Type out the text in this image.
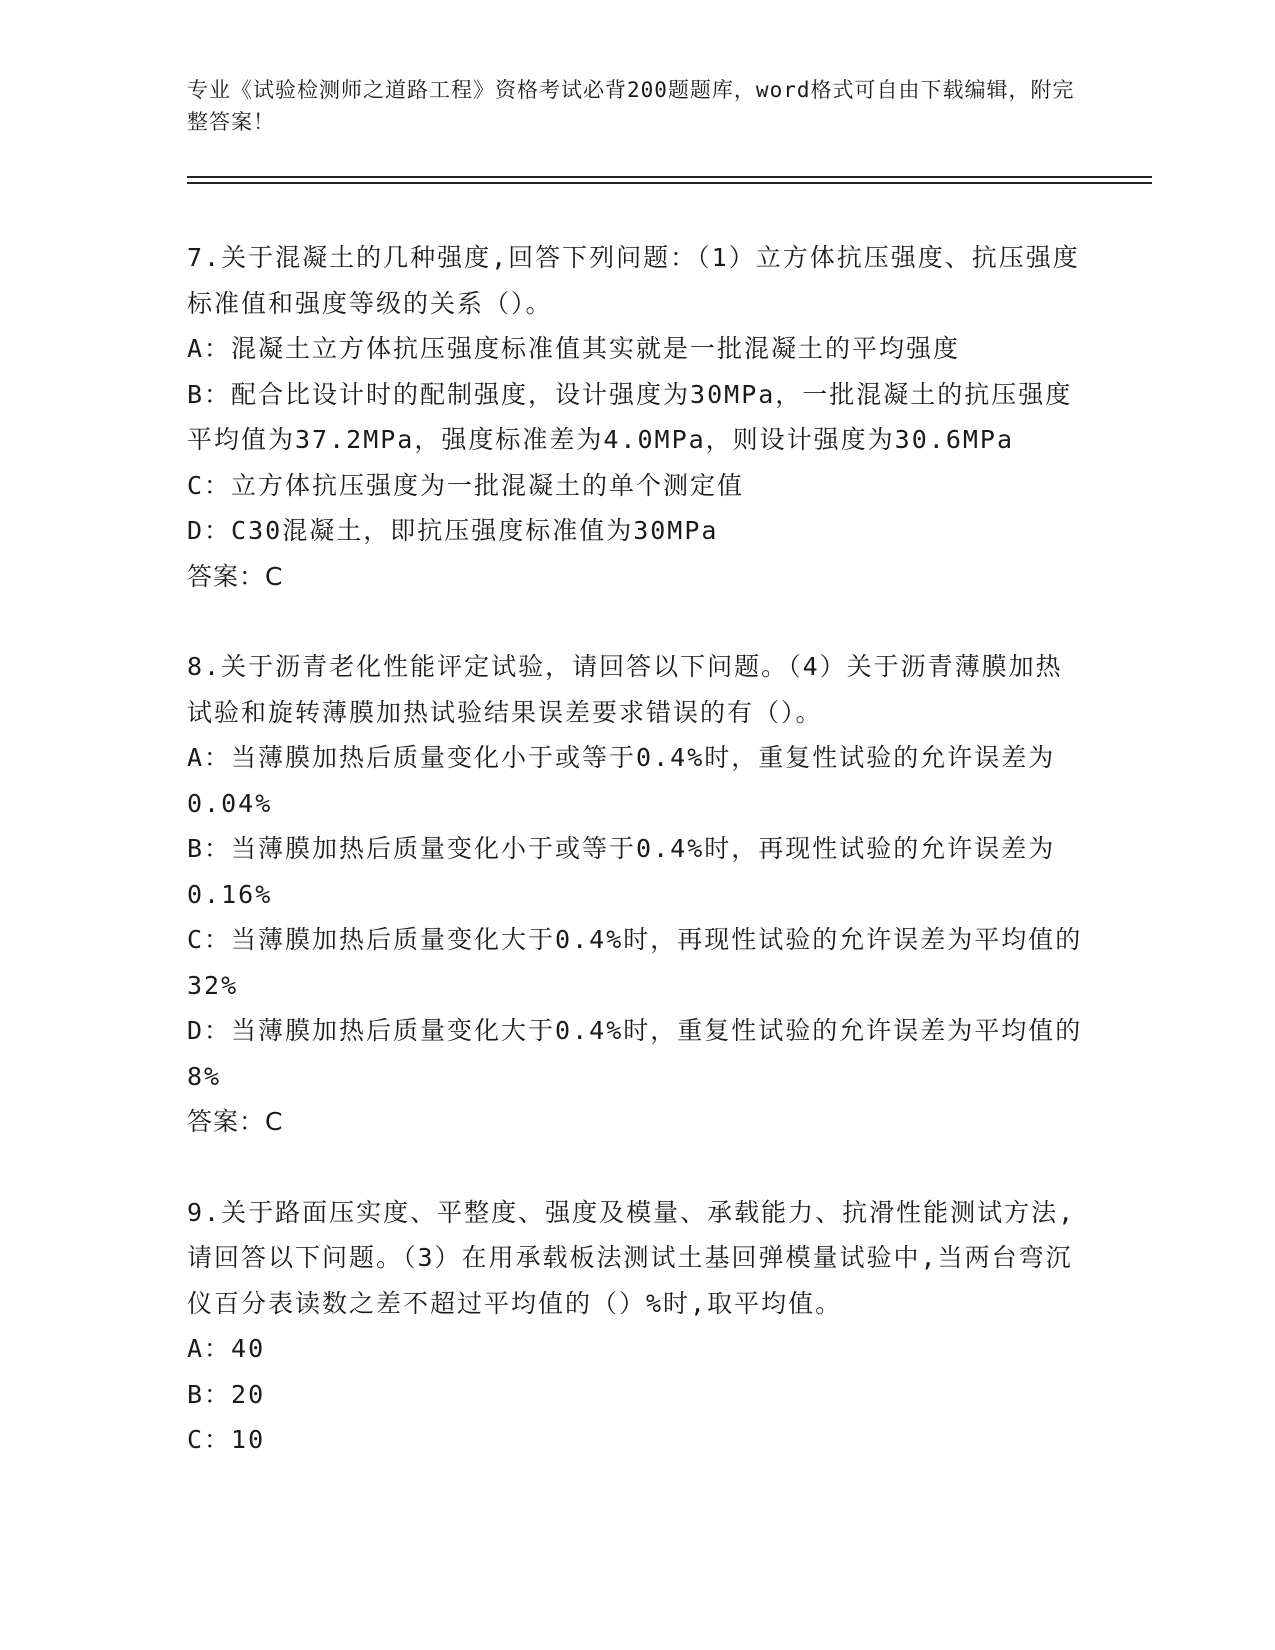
专业《试验检测师之道路工程》资格考试必背200题题库，word格式可自由下载编辑，附完整答案！

7.关于混凝土的几种强度,回答下列问题：（1）立方体抗压强度、抗压强度标准值和强度等级的关系（）。

A：混凝土立方体抗压强度标准值其实就是一批混凝土的平均强度

B：配合比设计时的配制强度，设计强度为30MPa，一批混凝土的抗压强度平均值为37.2MPa，强度标准差为4.0MPa，则设计强度为30.6MPa

C：立方体抗压强度为一批混凝土的单个测定值

D：C30混凝土，即抗压强度标准值为30MPa

答案：C

8.关于沥青老化性能评定试验，请回答以下问题。（4）关于沥青薄膜加热试验和旋转薄膜加热试验结果误差要求错误的有（）。

A：当薄膜加热后质量变化小于或等于0.4%时，重复性试验的允许误差为0.04%

B：当薄膜加热后质量变化小于或等于0.4%时，再现性试验的允许误差为0.16%

C：当薄膜加热后质量变化大于0.4%时，再现性试验的允许误差为平均值的32%

D：当薄膜加热后质量变化大于0.4%时，重复性试验的允许误差为平均值的8%

答案：C

9.关于路面压实度、平整度、强度及模量、承载能力、抗滑性能测试方法,请回答以下问题。（3）在用承载板法测试土基回弹模量试验中,当两台弯沉仪百分表读数之差不超过平均值的（）%时,取平均值。

A：40

B：20

C：10
